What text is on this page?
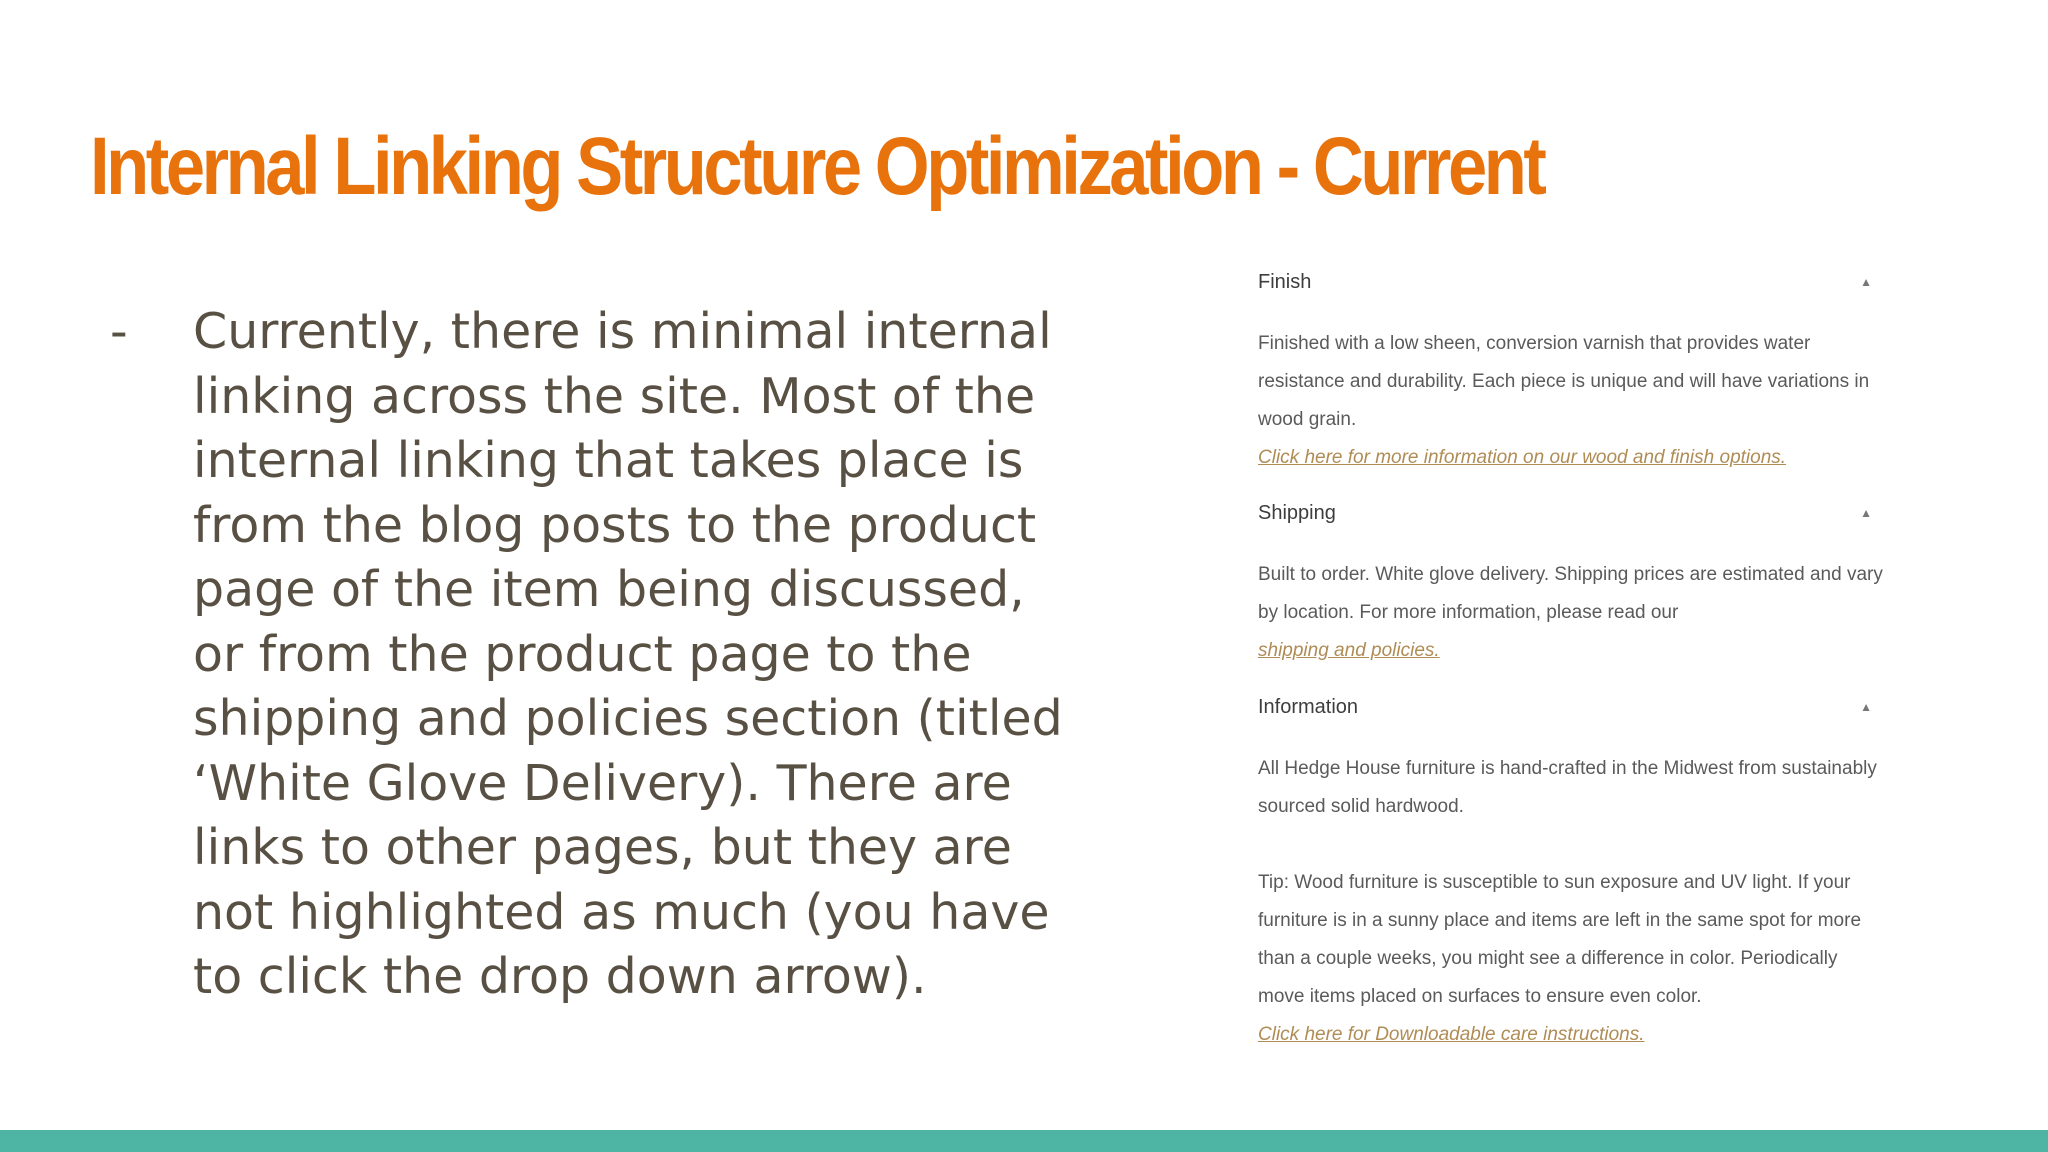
Internal Linking Structure Optimization - Current
-	Currently, there is minimal internal linking across the site. Most of the internal linking that takes place is from the blog posts to the product page of the item being discussed, or from the product page to the shipping and policies section (titled ‘White Glove Delivery). There are links to other pages, but they are not highlighted as much (you have to click the drop down arrow).
Finish	▲

Finished with a low sheen, conversion varnish that provides water resistance and durability. Each piece is unique and will have variations in wood grain.

Click here for more information on our wood and finish options.
Shipping	▲

Built to order. White glove delivery. Shipping prices are estimated and vary by location. For more information, please read our

shipping and policies.
Information	▲

All Hedge House furniture is hand-crafted in the Midwest from sustainably sourced solid hardwood.

Tip: Wood furniture is susceptible to sun exposure and UV light. If your furniture is in a sunny place and items are left in the same spot for more than a couple weeks, you might see a difference in color. Periodically move items placed on surfaces to ensure even color.

Click here for Downloadable care instructions.
